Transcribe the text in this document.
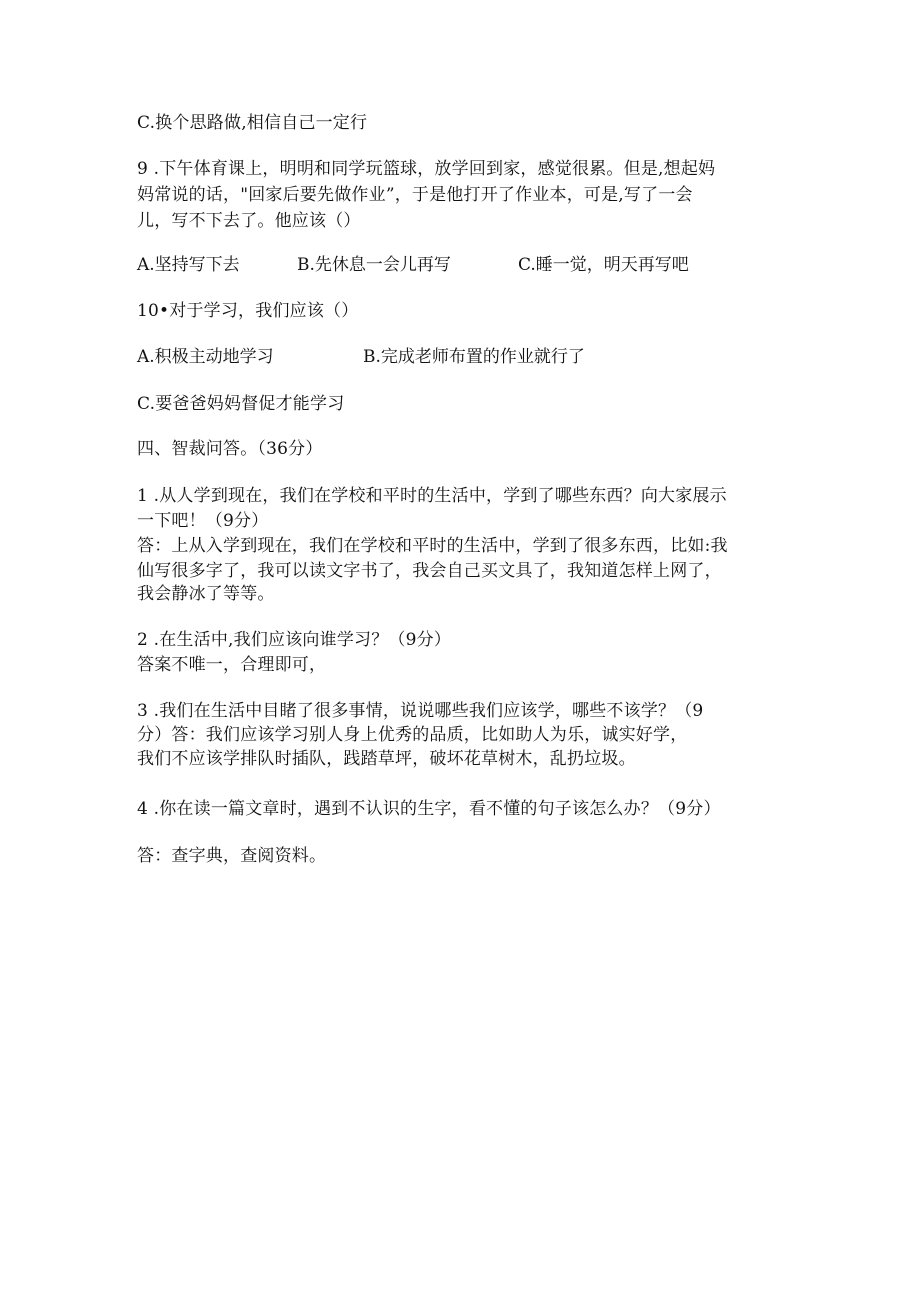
C.换个思路做,相信自己一定行
9 .下午体育课上，明明和同学玩篮球，放学回到家，感觉很累。但是,想起妈
妈常说的话，"回家后要先做作业”，于是他打开了作业本，可是,写了一会
儿，写不下去了。他应该（）
A.坚持写下去	B.先休息一会儿再写	C.睡一觉，明天再写吧
10•对于学习，我们应该（）
A.积极主动地学习	B.完成老师布置的作业就行了
C.要爸爸妈妈督促才能学习
四、智裁问答。（36分）
1 .从人学到现在，我们在学校和平时的生活中，学到了哪些东西？向大家展示
一下吧！（9分）
答：上从入学到现在，我们在学校和平时的生活中，学到了很多东西，比如:我
仙写很多字了，我可以读文字书了，我会自己买文具了，我知道怎样上网了，
我会静冰了等等。
2 .在生活中,我们应该向谁学习？（9分）
答案不唯一，合理即可，
3 .我们在生活中目睹了很多事情，说说哪些我们应该学，哪些不该学？（9
分）答：我们应该学习别人身上优秀的品质，比如助人为乐，诚实好学，
我们不应该学排队时插队，践踏草坪，破坏花草树木，乱扔垃圾。
4 .你在读一篇文章时，遇到不认识的生字，看不懂的句子该怎么办？（9分）
答：查字典，查阅资料。
